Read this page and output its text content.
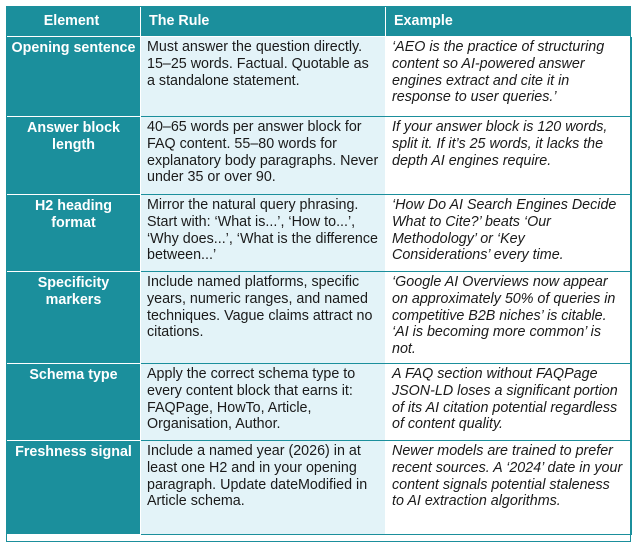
Element	The Rule	Example
Opening sentence	Must answer the question directly. 15–25 words. Factual. Quotable as a standalone statement.	‘AEO is the practice of structuring content so AI-powered answer engines extract and cite it in response to user queries.’
Answer block length	40–65 words per answer block for FAQ content. 55–80 words for explanatory body paragraphs. Never under 35 or over 90.	If your answer block is 120 words, split it. If it’s 25 words, it lacks the depth AI engines require.
H2 heading format	Mirror the natural query phrasing. Start with: ‘What is...’, ‘How to...’, ‘Why does...’, ‘What is the difference between...’	‘How Do AI Search Engines Decide What to Cite?’ beats ‘Our Methodology’ or ‘Key Considerations’ every time.
Specificity markers	Include named platforms, specific years, numeric ranges, and named techniques. Vague claims attract no citations.	‘Google AI Overviews now appear on approximately 50% of queries in competitive B2B niches’ is citable. ‘AI is becoming more common’ is not.
Schema type	Apply the correct schema type to every content block that earns it: FAQPage, HowTo, Article, Organisation, Author.	A FAQ section without FAQPage JSON-LD loses a significant portion of its AI citation potential regardless of content quality.
Freshness signal	Include a named year (2026) in at least one H2 and in your opening paragraph. Update dateModified in Article schema.	Newer models are trained to prefer recent sources. A ‘2024’ date in your content signals potential staleness to AI extraction algorithms.
